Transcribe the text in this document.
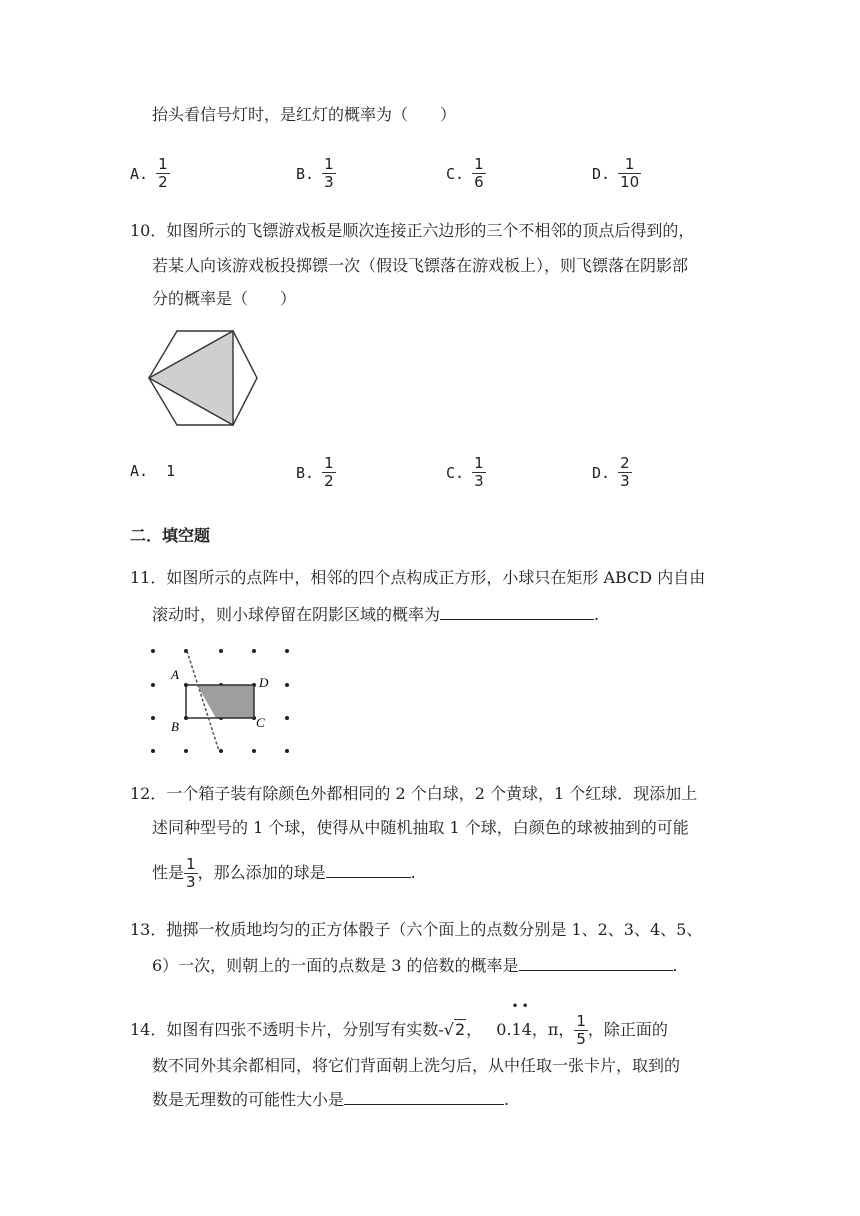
抬头看信号灯时，是红灯的概率为（　　）
A. $\frac{1}{2}$	B. $\frac{1}{3}$	C. $\frac{1}{6}$	D. $\frac{1}{10}$
10．如图所示的飞镖游戏板是顺次连接正六边形的三个不相邻的顶点后得到的，
若某人向该游戏板投掷镖一次（假设飞镖落在游戏板上），则飞镖落在阴影部
分的概率是（　　）
A. 1	B. $\frac{1}{2}$	C. $\frac{1}{3}$	D. $\frac{2}{3}$
二．填空题
11．如图所示的点阵中，相邻的四个点构成正方形，小球只在矩形 ABCD 内自由
滚动时，则小球停留在阴影区域的概率为	.
A
D
B	C
12．一个箱子装有除颜色外都相同的 2 个白球，2 个黄球，1 个红球．现添加上
述同种型号的 1 个球，使得从中随机抽取 1 个球，白颜色的球被抽到的可能
性是 $\frac{1}{3}$ ，那么添加的球是	.
13．抛掷一枚质地均匀的正方体骰子（六个面上的点数分别是 1、2、3、4、5、
6）一次，则朝上的一面的点数是 3 的倍数的概率是	.
14．如图有四张不透明卡片，分别写有实数-√2， 0.
•
1
•
4，π， $\frac{1}{5}$ ，除正面的
数不同外其余都相同，将它们背面朝上洗匀后，从中任取一张卡片，取到的
数是无理数的可能性大小是	.
